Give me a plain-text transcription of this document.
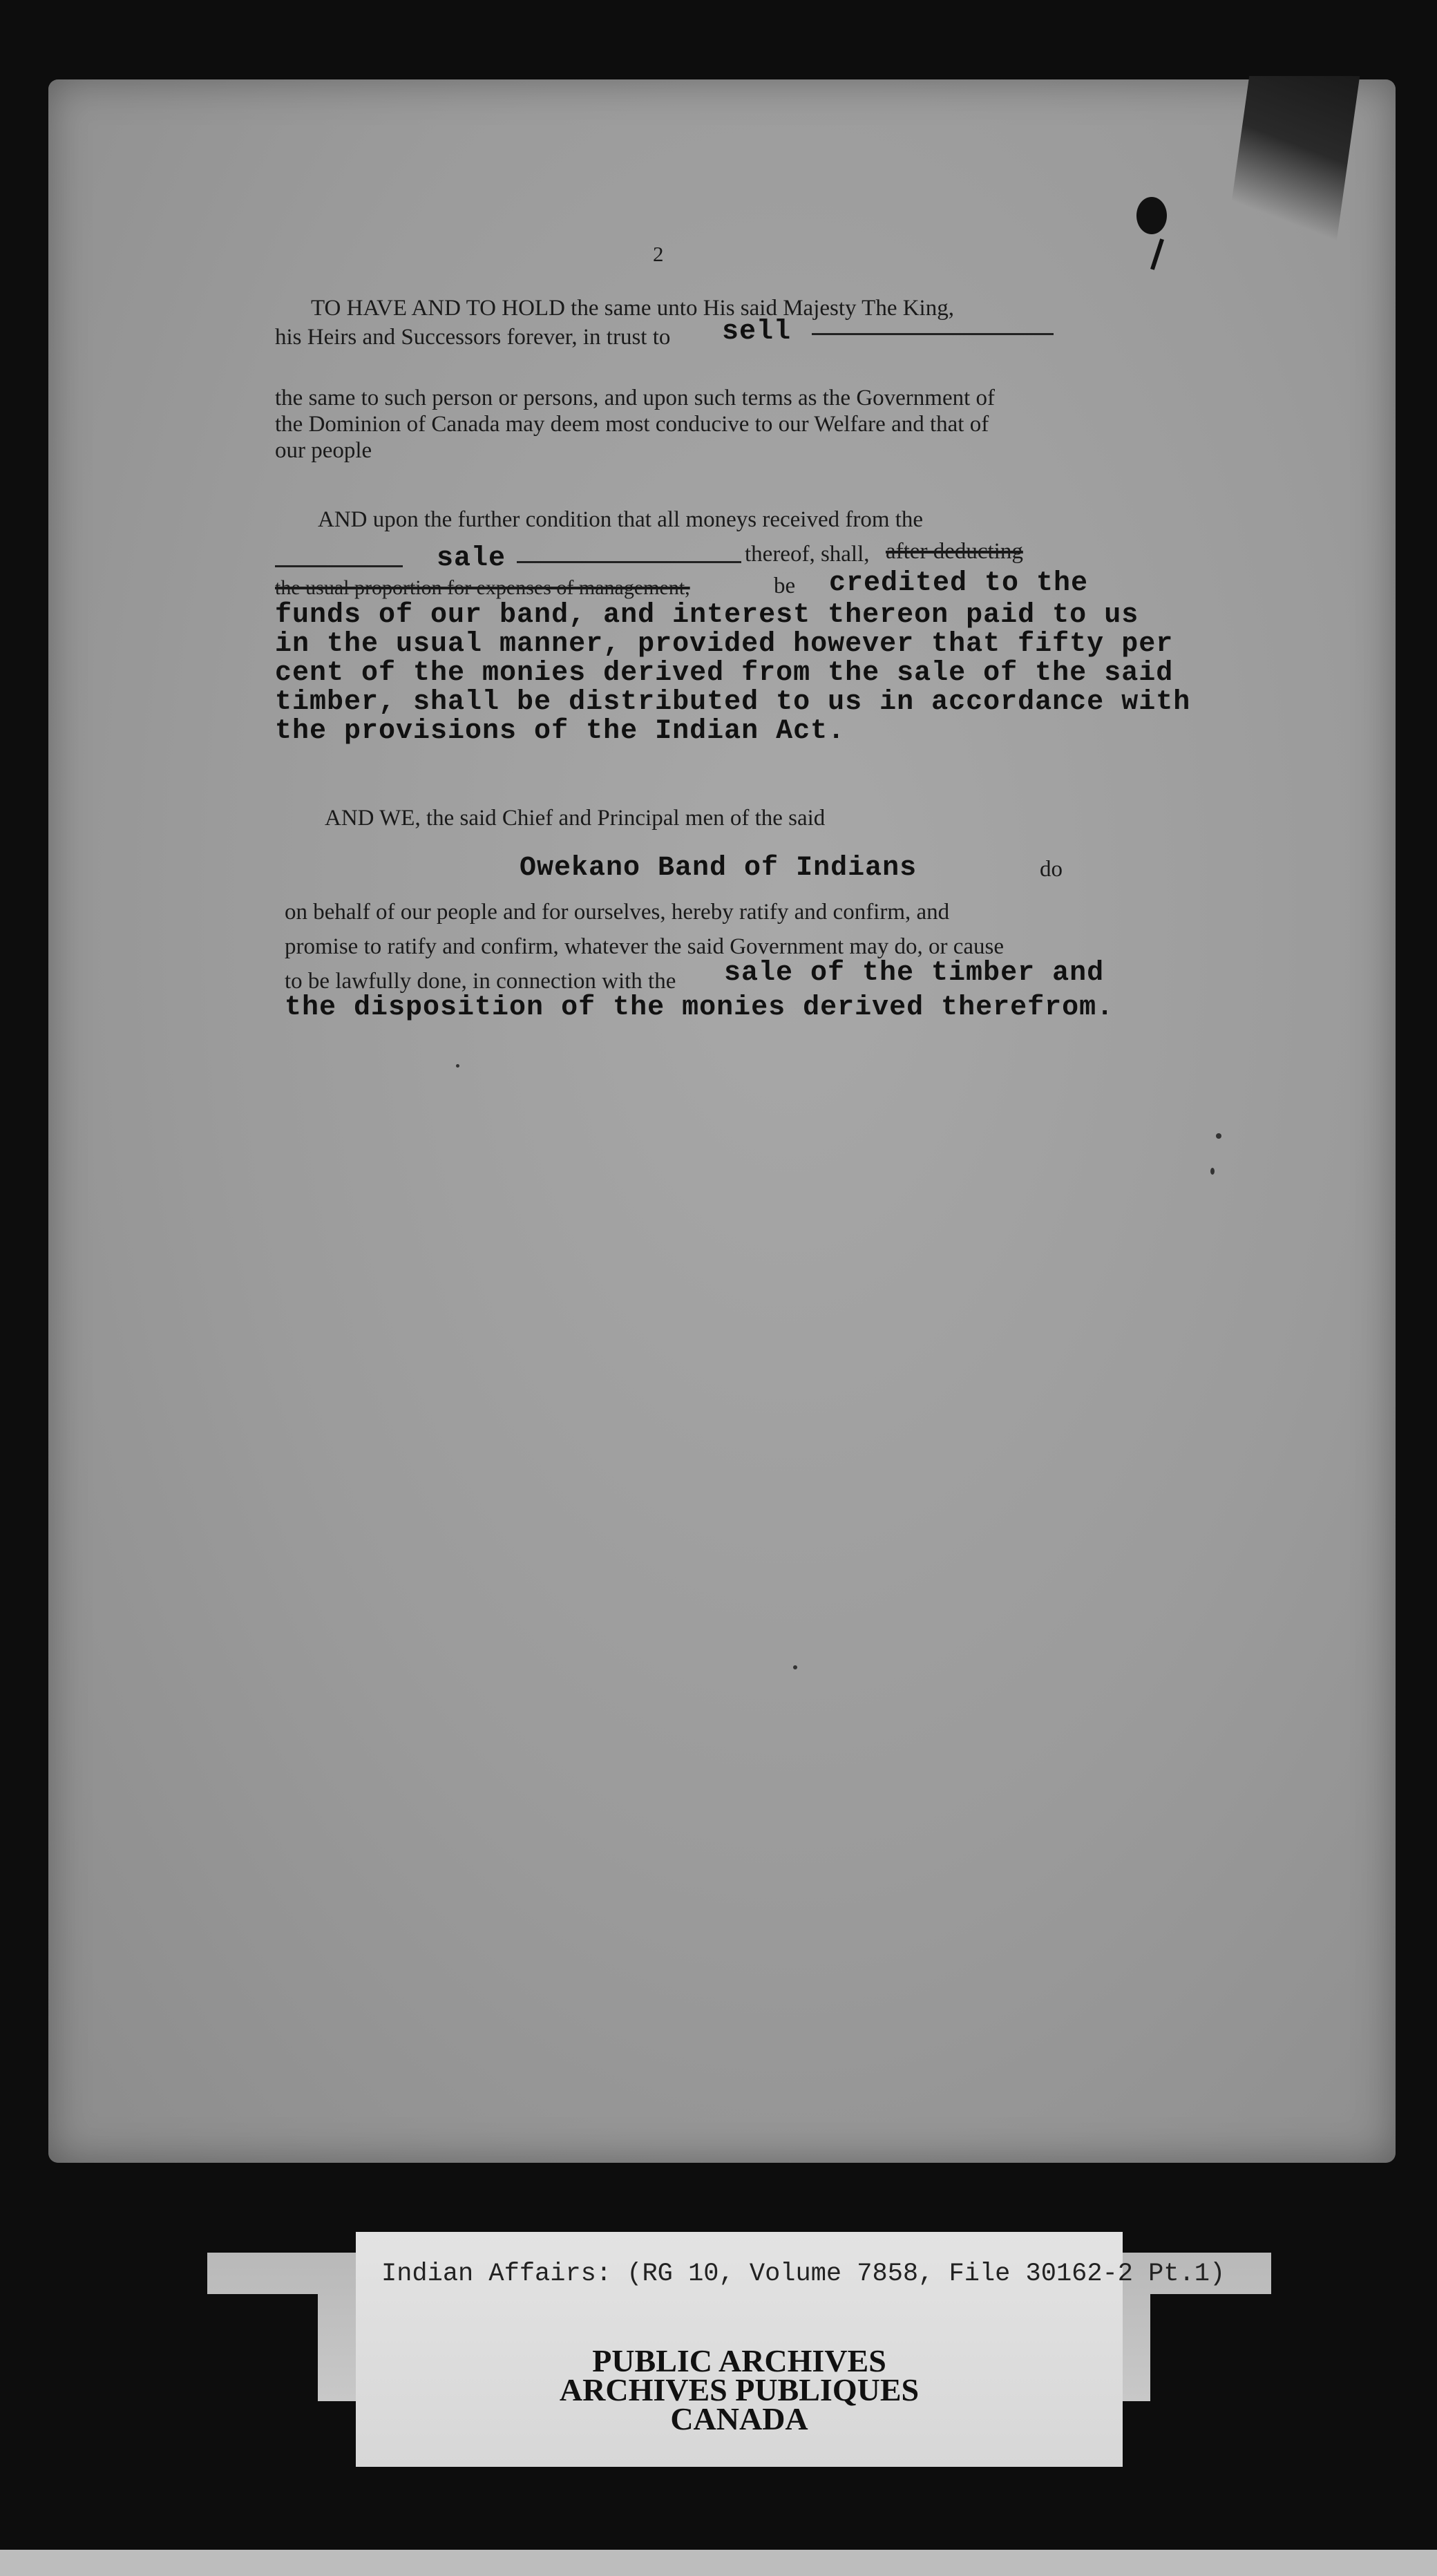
2
TO HAVE AND TO HOLD the same unto His said Majesty The King,
his Heirs and Successors forever, in trust to sell
the same to such person or persons, and upon such terms as the Government of
the Dominion of Canada may deem most conducive to our Welfare and that of
our people
AND upon the further condition that all moneys received from the
sale	thereof, shall, after deducting
the usual proportion for expenses of management,	be credited to the
funds of our band, and interest thereon paid to us
in the usual manner, provided however that fifty per
cent of the monies derived from the sale of the said
timber, shall be distributed to us in accordance with
the provisions of the Indian Act.
AND WE, the said Chief and Principal men of the said
Owekano Band of Indians	do
on behalf of our people and for ourselves, hereby ratify and confirm, and
promise to ratify and confirm, whatever the said Government may do, or cause
to be lawfully done, in connection with the sale of the timber and
the disposition of the monies derived therefrom.
Indian Affairs: (RG 10, Volume 7858, File 30162-2 Pt.1)
PUBLIC ARCHIVES
ARCHIVES PUBLIQUES
CANADA
